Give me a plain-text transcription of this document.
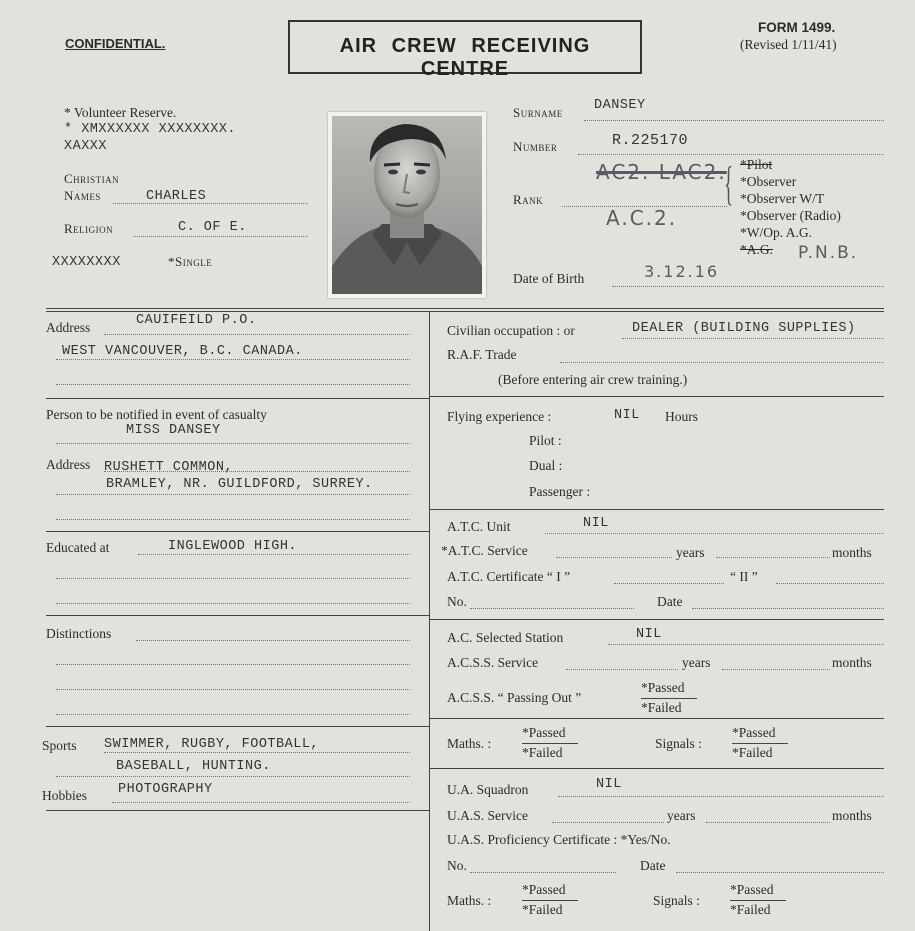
CONFIDENTIAL.	AIR CREW RECEIVING CENTRE
FORM 1499.
(Revised 1/11/41)
* Volunteer Reserve.
* XMXXXXXX XXXXXXXX.
XAXXX
Christian
Names	CHARLES
Religion	C. OF E.
XXXXXXXX	*Single
Surname DANSEY
Number	R.225170
Rank
AC2. LAC2.
A.C.2.
{ *Pilot
*Observer
*Observer W/T
*Observer (Radio)
*W/Op. A.G.
*A.G. P.N.B.
Date of Birth	3.12.16
Address	CAUIFEILD P.O.
WEST VANCOUVER, B.C. CANADA.
Person to be notified in event of casualty
MISS DANSEY
Address RUSHETT COMMON,
BRAMLEY, NR. GUILDFORD, SURREY.
Educated at	INGLEWOOD HIGH.
Distinctions
Sports SWIMMER, RUGBY, FOOTBALL,
BASEBALL, HUNTING.
Hobbies PHOTOGRAPHY
Civilian occupation : or	DEALER (BUILDING SUPPLIES)
R.A.F. Trade
(Before entering air crew training.)
Flying experience :	NIL Hours
Pilot :
Dual :
Passenger :
A.T.C. Unit	NIL
*A.T.C. Service	years	months
A.T.C. Certificate “ I ”	“ II ”
No.	Date
A.C. Selected Station	NIL
A.C.S.S. Service	years	months
A.C.S.S. “ Passing Out ”
*Passed
*Failed
Maths. :
*Passed
*Failed
Signals :
*Passed
*Failed
U.A. Squadron	NIL
U.A.S. Service	years	months
U.A.S. Proficiency Certificate : *Yes/No.
No.	Date
Maths. :
*Passed
*Failed
Signals :
*Passed
*Failed
